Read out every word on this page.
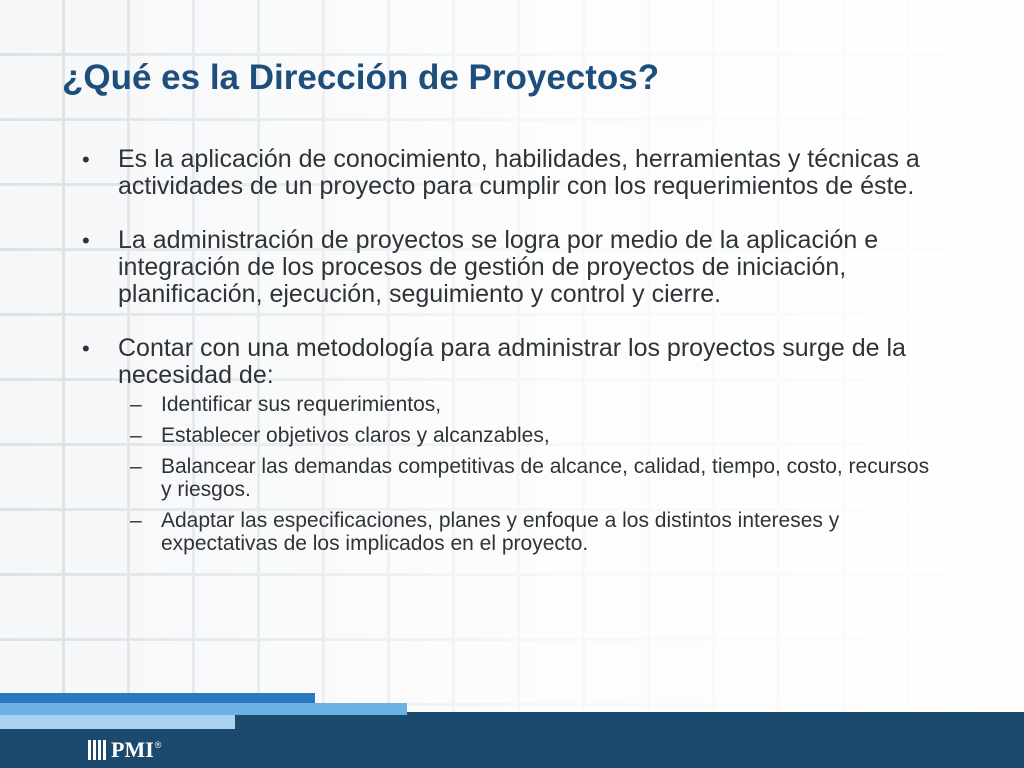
¿Qué es la Dirección de Proyectos?
• Es la aplicación de conocimiento, habilidades, herramientas y técnicas a actividades de un proyecto para cumplir con los requerimientos de éste.
• La administración de proyectos se logra por medio de la aplicación e integración de los procesos de gestión de proyectos de iniciación, planificación, ejecución, seguimiento y control y cierre.
• Contar con una metodología para administrar los proyectos surge de la necesidad de:
– Identificar sus requerimientos,
– Establecer objetivos claros y alcanzables,
– Balancear las demandas competitivas de alcance, calidad, tiempo, costo, recursos y riesgos.
– Adaptar las especificaciones, planes y enfoque a los distintos intereses y expectativas de los implicados en el proyecto.
PMI ®
